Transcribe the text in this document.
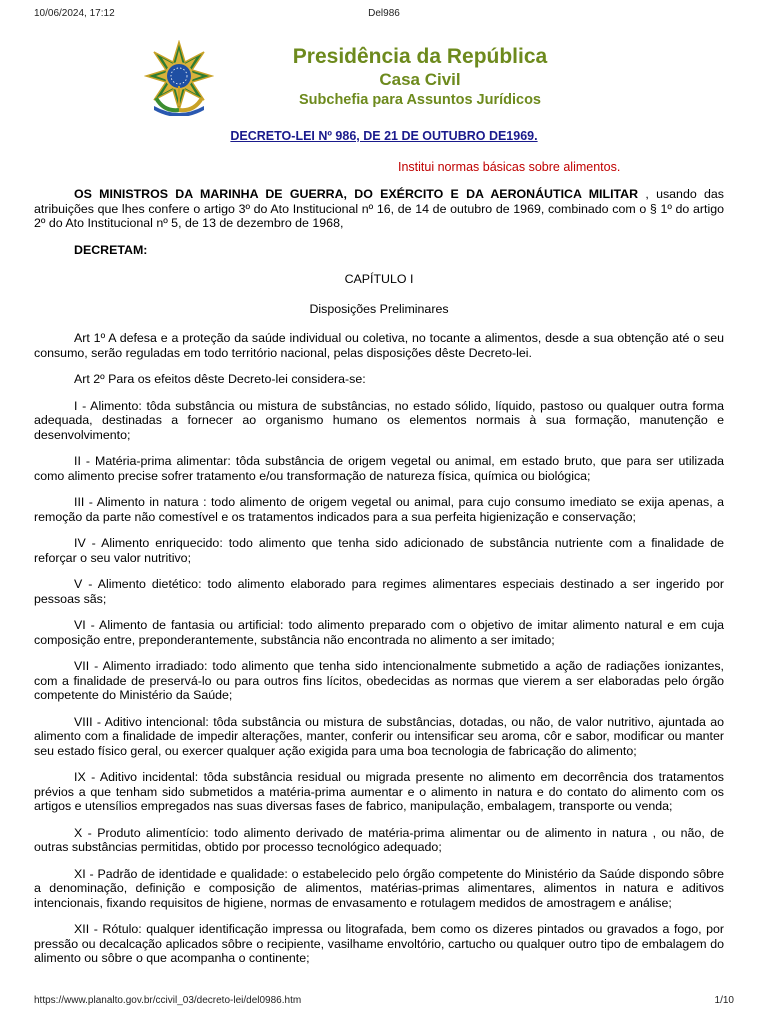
10/06/2024, 17:12	Del986
Presidência da República
Casa Civil
Subchefia para Assuntos Jurídicos
DECRETO-LEI Nº 986, DE 21 DE OUTUBRO DE1969.
Institui normas básicas sobre alimentos.

OS MINISTROS DA MARINHA DE GUERRA, DO EXÉRCITO E DA AERONÁUTICA MILITAR , usando das atribuições que lhes confere o artigo 3º do Ato Institucional nº 16, de 14 de outubro de 1969, combinado com o § 1º do artigo 2º do Ato Institucional nº 5, de 13 de dezembro de 1968,

DECRETAM:

CAPÍTULO I

Disposições Preliminares

Art 1º A defesa e a proteção da saúde individual ou coletiva, no tocante a alimentos, desde a sua obtenção até o seu consumo, serão reguladas em todo território nacional, pelas disposições dêste Decreto-lei.

Art 2º Para os efeitos dêste Decreto-lei considera-se:

I - Alimento: tôda substância ou mistura de substâncias, no estado sólido, líquido, pastoso ou qualquer outra forma adequada, destinadas a fornecer ao organismo humano os elementos normais à sua formação, manutenção e desenvolvimento;

II - Matéria-prima alimentar: tôda substância de origem vegetal ou animal, em estado bruto, que para ser utilizada como alimento precise sofrer tratamento e/ou transformação de natureza física, química ou biológica;

III - Alimento in natura : todo alimento de origem vegetal ou animal, para cujo consumo imediato se exija apenas, a remoção da parte não comestível e os tratamentos indicados para a sua perfeita higienização e conservação;

IV - Alimento enriquecido: todo alimento que tenha sido adicionado de substância nutriente com a finalidade de reforçar o seu valor nutritivo;

V - Alimento dietético: todo alimento elaborado para regimes alimentares especiais destinado a ser ingerido por pessoas sãs;

VI - Alimento de fantasia ou artificial: todo alimento preparado com o objetivo de imitar alimento natural e em cuja composição entre, preponderantemente, substância não encontrada no alimento a ser imitado;

VII - Alimento irradiado: todo alimento que tenha sido intencionalmente submetido a ação de radiações ionizantes, com a finalidade de preservá-lo ou para outros fins lícitos, obedecidas as normas que vierem a ser elaboradas pelo órgão competente do Ministério da Saúde;

VIII - Aditivo intencional: tôda substância ou mistura de substâncias, dotadas, ou não, de valor nutritivo, ajuntada ao alimento com a finalidade de impedir alterações, manter, conferir ou intensificar seu aroma, côr e sabor, modificar ou manter seu estado físico geral, ou exercer qualquer ação exigida para uma boa tecnologia de fabricação do alimento;

IX - Aditivo incidental: tôda substância residual ou migrada presente no alimento em decorrência dos tratamentos prévios a que tenham sido submetidos a matéria-prima aumentar e o alimento in natura e do contato do alimento com os artigos e utensílios empregados nas suas diversas fases de fabrico, manipulação, embalagem, transporte ou venda;

X - Produto alimentício: todo alimento derivado de matéria-prima alimentar ou de alimento in natura , ou não, de outras substâncias permitidas, obtido por processo tecnológico adequado;

XI - Padrão de identidade e qualidade: o estabelecido pelo órgão competente do Ministério da Saúde dispondo sôbre a denominação, definição e composição de alimentos, matérias-primas alimentares, alimentos in natura e aditivos intencionais, fixando requisitos de higiene, normas de envasamento e rotulagem medidos de amostragem e análise;

XII - Rótulo: qualquer identificação impressa ou litografada, bem como os dizeres pintados ou gravados a fogo, por pressão ou decalcação aplicados sôbre o recipiente, vasilhame envoltório, cartucho ou qualquer outro tipo de embalagem do alimento ou sôbre o que acompanha o continente;

https://www.planalto.gov.br/ccivil_03/decreto-lei/del0986.htm	1/10
